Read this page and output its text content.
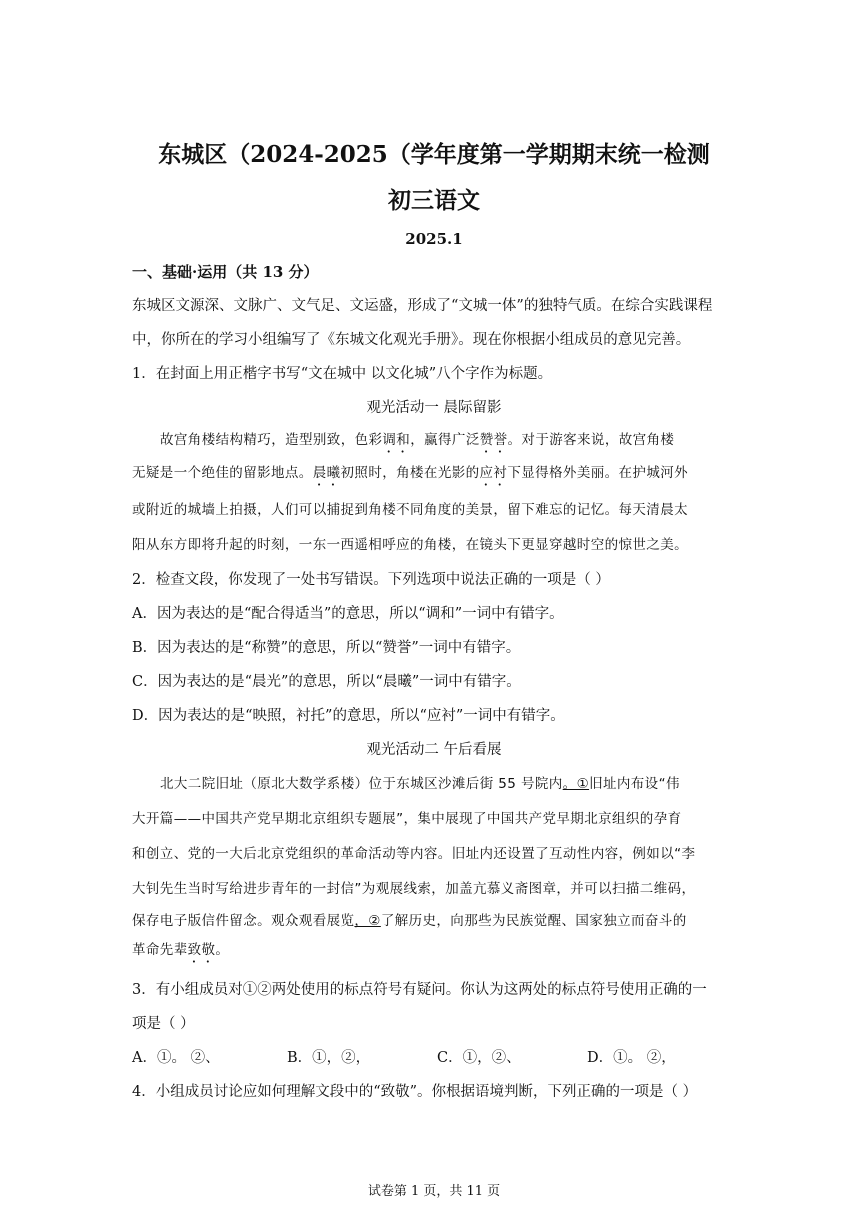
东城区（2024-2025（学年度第一学期期末统一检测
初三语文
2025.1
一、基础·运用（共 13 分）
东城区文源深、文脉广、文气足、文运盛，形成了“文城一体”的独特气质。在综合实践课程
中，你所在的学习小组编写了《东城文化观光手册》。现在你根据小组成员的意见完善。
1．在封面上用正楷字书写“文在城中 以文化城”八个字作为标题。
观光活动一 晨际留影
故宫角楼结构精巧，造型别致，色彩调和，赢得广泛赞誉。对于游客来说，故宫角楼
无疑是一个绝佳的留影地点。晨曦初照时，角楼在光影的应衬下显得格外美丽。在护城河外
或附近的城墙上拍摄，人们可以捕捉到角楼不同角度的美景，留下难忘的记忆。每天清晨太
阳从东方即将升起的时刻，一东一西遥相呼应的角楼，在镜头下更显穿越时空的惊世之美。
2．检查文段，你发现了一处书写错误。下列选项中说法正确的一项是（ ）
A．因为表达的是“配合得适当”的意思，所以“调和”一词中有错字。
B．因为表达的是“称赞”的意思，所以“赞誉”一词中有错字。
C．因为表达的是“晨光”的意思，所以“晨曦”一词中有错字。
D．因为表达的是“映照，衬托”的意思，所以“应衬”一词中有错字。
观光活动二 午后看展
北大二院旧址（原北大数学系楼）位于东城区沙滩后街 55 号院内。①旧址内布设“伟
大开篇——中国共产党早期北京组织专题展”，集中展现了中国共产党早期北京组织的孕育
和创立、党的一大后北京党组织的革命活动等内容。旧址内还设置了互动性内容，例如以“李
大钊先生当时写给进步青年的一封信”为观展线索，加盖亢慕义斋图章，并可以扫描二维码，
保存电子版信件留念。观众观看展览，②了解历史，向那些为民族觉醒、国家独立而奋斗的
革命先辈致敬。
3．有小组成员对①②两处使用的标点符号有疑问。你认为这两处的标点符号使用正确的一
项是（ ）
A．①。 ②、	B．①，②，	C．①，②、	D．①。 ②，
4．小组成员讨论应如何理解文段中的“致敬”。你根据语境判断，下列正确的一项是（ ）
试卷第 1 页，共 11 页
